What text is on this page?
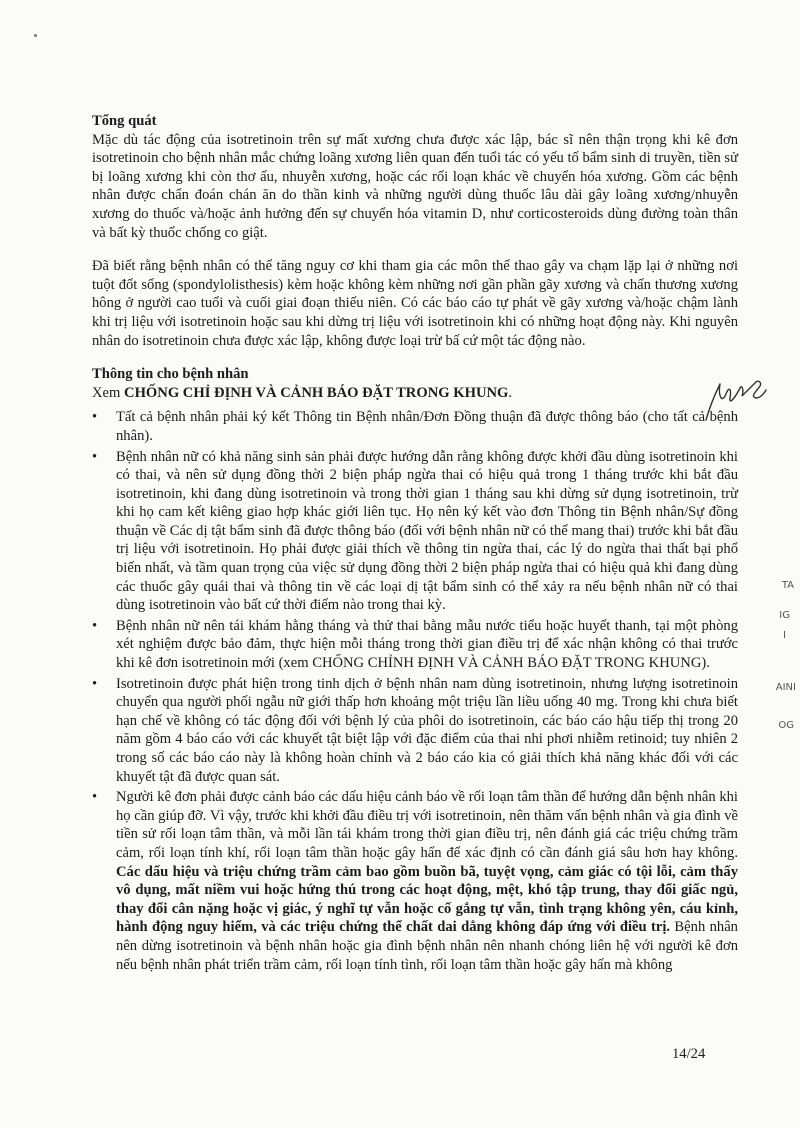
Tổng quát

Mặc dù tác động của isotretinoin trên sự mất xương chưa được xác lập, bác sĩ nên thận trọng khi kê đơn isotretinoin cho bệnh nhân mắc chứng loãng xương liên quan đến tuổi tác có yếu tố bẩm sinh di truyền, tiền sử bị loãng xương khi còn thơ ấu, nhuyễn xương, hoặc các rối loạn khác về chuyển hóa xương. Gồm các bệnh nhân được chẩn đoán chán ăn do thần kinh và những người dùng thuốc lâu dài gây loãng xương/nhuyễn xương do thuốc và/hoặc ảnh hưởng đến sự chuyển hóa vitamin D, như corticosteroids dùng đường toàn thân và bất kỳ thuốc chống co giật.

Đã biết rằng bệnh nhân có thể tăng nguy cơ khi tham gia các môn thể thao gây va chạm lặp lại ở những nơi tuột đốt sống (spondylolisthesis) kèm hoặc không kèm những nơi gần phần gãy xương và chấn thương xương hông ở người cao tuổi và cuối giai đoạn thiếu niên. Có các báo cáo tự phát về gãy xương và/hoặc chậm lành khi trị liệu với isotretinoin hoặc sau khi dừng trị liệu với isotretinoin khi có những hoạt động này. Khi nguyên nhân do isotretinoin chưa được xác lập, không được loại trừ bấ cứ một tác động nào.

Thông tin cho bệnh nhân

Xem CHỐNG CHỈ ĐỊNH VÀ CẢNH BÁO ĐẶT TRONG KHUNG.

• Tất cả bệnh nhân phải ký kết Thông tin Bệnh nhân/Đơn Đồng thuận đã được thông báo (cho tất cả bệnh nhân).
• Bệnh nhân nữ có khả năng sinh sản phải được hướng dẫn rằng không được khởi đầu dùng isotretinoin khi có thai, và nên sử dụng đồng thời 2 biện pháp ngừa thai có hiệu quả trong 1 tháng trước khi bắt đầu isotretinoin, khi đang dùng isotretinoin và trong thời gian 1 tháng sau khi dừng sử dụng isotretinoin, trừ khi họ cam kết kiêng giao hợp khác giới liên tục. Họ nên ký kết vào đơn Thông tin Bệnh nhân/Sự đồng thuận về Các dị tật bẩm sinh đã được thông báo (đối với bệnh nhân nữ có thể mang thai) trước khi bắt đầu trị liệu với isotretinoin. Họ phải được giải thích về thông tin ngừa thai, các lý do ngừa thai thất bại phổ biến nhất, và tầm quan trọng của việc sử dụng đồng thời 2 biện pháp ngừa thai có hiệu quả khi đang dùng các thuốc gây quái thai và thông tin về các loại dị tật bẩm sinh có thể xảy ra nếu bệnh nhân nữ có thai dùng isotretinoin vào bất cứ thời điểm nào trong thai kỳ.
• Bệnh nhân nữ nên tái khám hằng tháng và thử thai bằng mẫu nước tiểu hoặc huyết thanh, tại một phòng xét nghiệm được bảo đảm, thực hiện mỗi tháng trong thời gian điều trị để xác nhận không có thai trước khi kê đơn isotretinoin mới (xem CHỐNG CHỈNH ĐỊNH VÀ CẢNH BÁO ĐẶT TRONG KHUNG).
• Isotretinoin được phát hiện trong tinh dịch ở bệnh nhân nam dùng isotretinoin, nhưng lượng isotretinoin chuyển qua người phối ngẫu nữ giới thấp hơn khoảng một triệu lần liều uống 40 mg. Trong khi chưa biết hạn chế về không có tác động đối với bệnh lý của phôi do isotretinoin, các báo cáo hậu tiếp thị trong 20 năm gồm 4 báo cáo với các khuyết tật biệt lập với đặc điểm của thai nhi phơi nhiễm retinoid; tuy nhiên 2 trong số các báo cáo này là không hoàn chỉnh và 2 báo cáo kia có giải thích khả năng khác đối với các khuyết tật đã được quan sát.
• Người kê đơn phải được cảnh báo các dấu hiệu cảnh báo về rối loạn tâm thần để hướng dẫn bệnh nhân khi họ cần giúp đỡ. Vì vậy, trước khi khởi đầu điều trị với isotretinoin, nên thăm vấn bệnh nhân và gia đình về tiền sử rối loạn tâm thần, và mỗi lần tái khám trong thời gian điều trị, nên đánh giá các triệu chứng trầm cảm, rối loạn tính khí, rối loạn tâm thần hoặc gây hấn để xác định có cần đánh giá sâu hơn hay không. Các dấu hiệu và triệu chứng trầm cảm bao gồm buồn bã, tuyệt vọng, cảm giác có tội lỗi, cảm thấy vô dụng, mất niềm vui hoặc hứng thú trong các hoạt động, mệt, khó tập trung, thay đổi giấc ngủ, thay đổi cân nặng hoặc vị giác, ý nghĩ tự vẫn hoặc cố gắng tự vẫn, tình trạng không yên, cáu kỉnh, hành động nguy hiểm, và các triệu chứng thể chất dai dẳng không đáp ứng với điều trị. Bệnh nhân nên dừng isotretinoin và bệnh nhân hoặc gia đình bệnh nhân nên nhanh chóng liên hệ với người kê đơn nếu bệnh nhân phát triển trầm cảm, rối loạn tính tình, rối loạn tâm thần hoặc gây hấn mà không
TA
IG
I
AINI
OG
14/24
